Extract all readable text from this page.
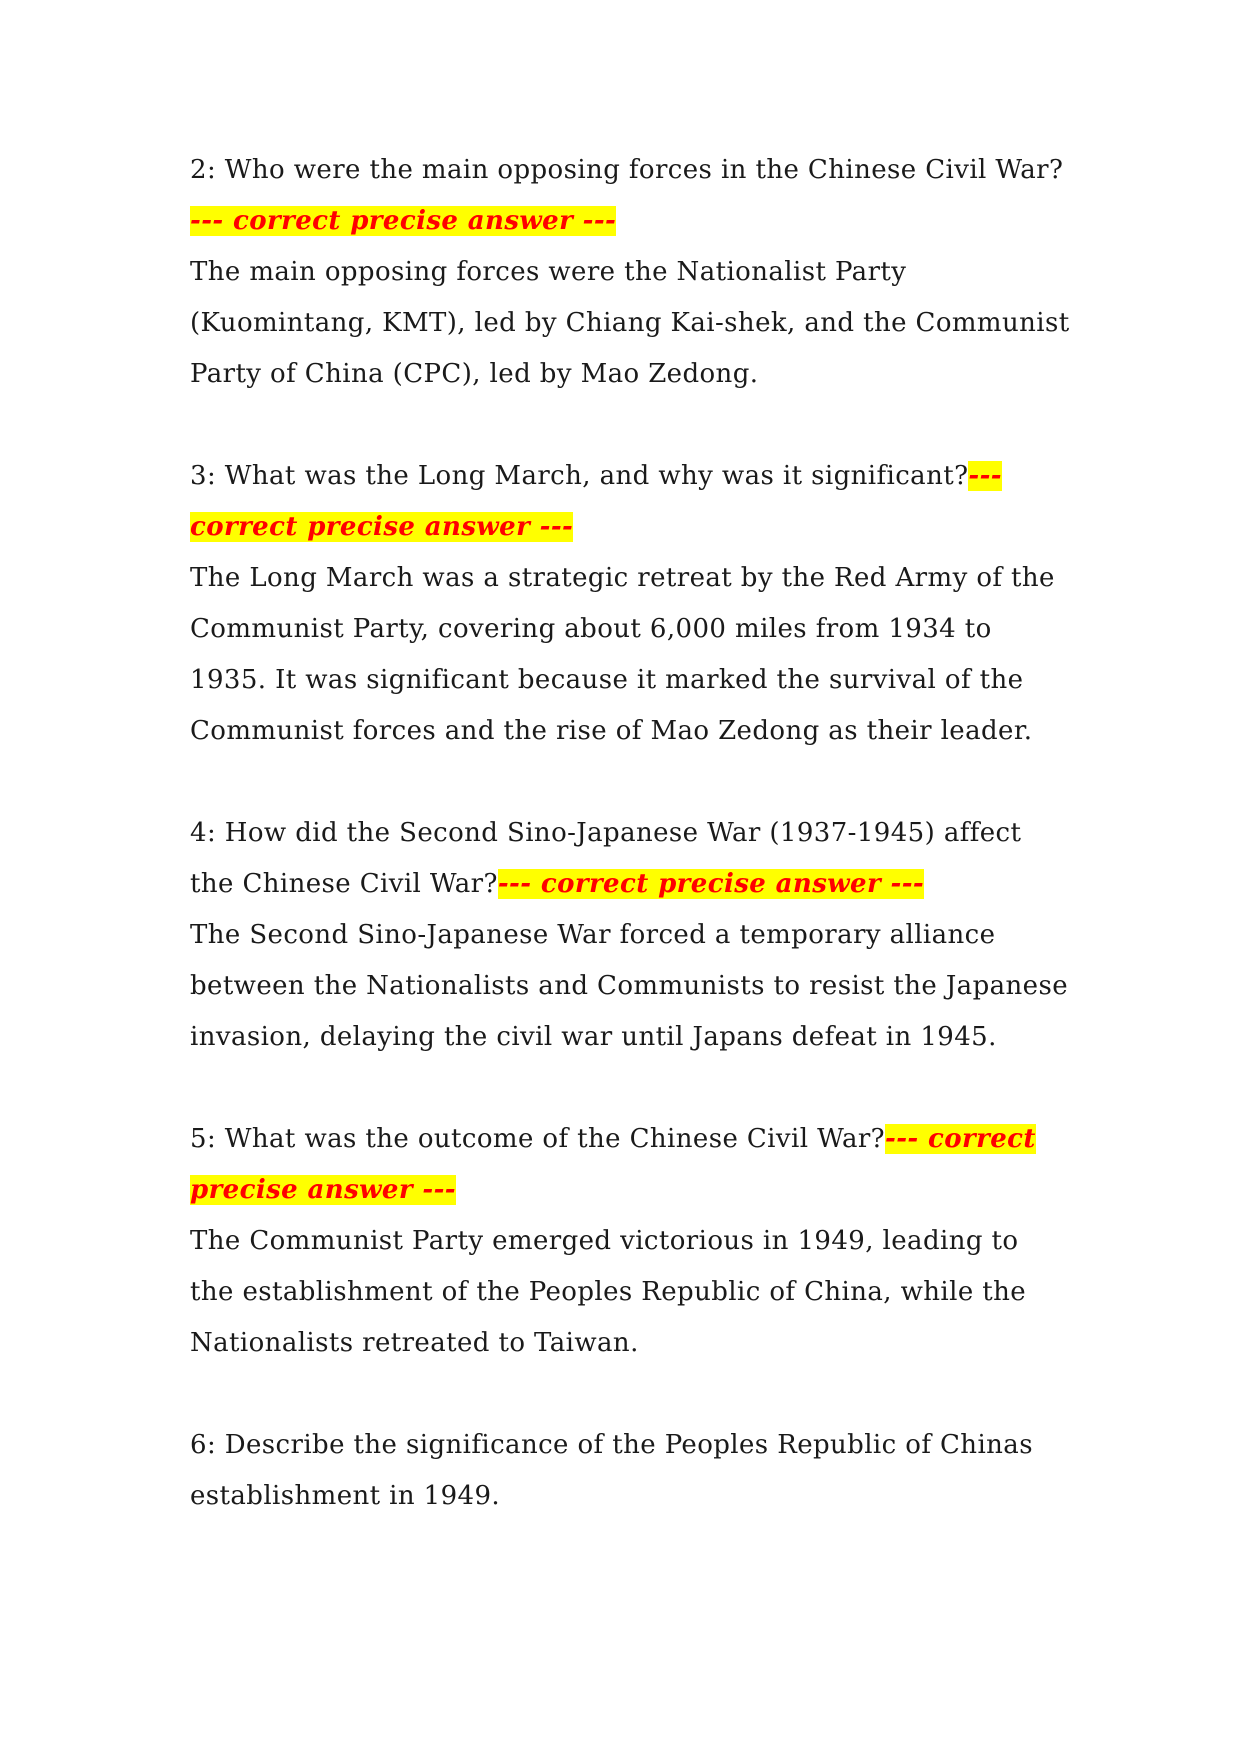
2: Who were the main opposing forces in the Chinese Civil War?--- correct precise answer ---

The main opposing forces were the Nationalist Party (Kuomintang, KMT), led by Chiang Kai-shek, and the Communist Party of China (CPC), led by Mao Zedong.

3: What was the Long March, and why was it significant?--- correct precise answer ---

The Long March was a strategic retreat by the Red Army of the Communist Party, covering about 6,000 miles from 1934 to 1935. It was significant because it marked the survival of the Communist forces and the rise of Mao Zedong as their leader.

4: How did the Second Sino-Japanese War (1937-1945) affect the Chinese Civil War?--- correct precise answer ---

The Second Sino-Japanese War forced a temporary alliance between the Nationalists and Communists to resist the Japanese invasion, delaying the civil war until Japans defeat in 1945.

5: What was the outcome of the Chinese Civil War?--- correct precise answer ---

The Communist Party emerged victorious in 1949, leading to the establishment of the Peoples Republic of China, while the Nationalists retreated to Taiwan.

6: Describe the significance of the Peoples Republic of Chinas establishment in 1949.
